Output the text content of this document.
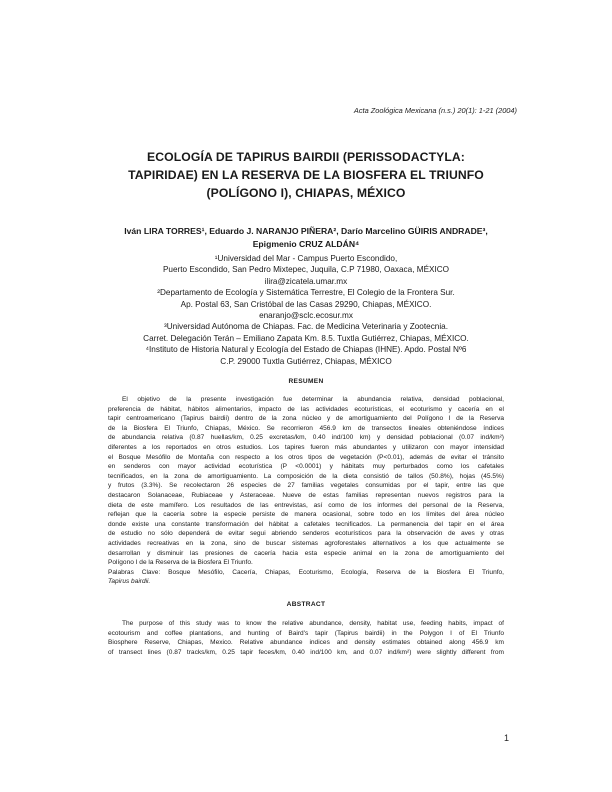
Acta Zoológica Mexicana (n.s.) 20(1): 1-21 (2004)
ECOLOGÍA DE TAPIRUS BAIRDII (PERISSODACTYLA:
TAPIRIDAE) EN LA RESERVA DE LA BIOSFERA EL TRIUNFO
(POLÍGONO I), CHIAPAS, MÉXICO
Iván LIRA TORRES¹, Eduardo J. NARANJO PIÑERA², Darío Marcelino GÜIRIS ANDRADE³,
Epigmenio CRUZ ALDÁN⁴
¹Universidad del Mar - Campus Puerto Escondido,
Puerto Escondido, San Pedro Mixtepec, Juquila, C.P 71980, Oaxaca, MÉXICO
ilira@zicatela.umar.mx
²Departamento de Ecología y Sistemática Terrestre, El Colegio de la Frontera Sur.
Ap. Postal 63, San Cristóbal de las Casas 29290, Chiapas, MÉXICO.
enaranjo@sclc.ecosur.mx
³Universidad Autónoma de Chiapas. Fac. de Medicina Veterinaria y Zootecnia.
Carret. Delegación Terán – Emiliano Zapata Km. 8.5. Tuxtla Gutiérrez, Chiapas, MÉXICO.
⁴Instituto de Historia Natural y Ecología del Estado de Chiapas (IHNE). Apdo. Postal Nº6
C.P. 29000 Tuxtla Gutiérrez, Chiapas, MÉXICO
RESUMEN
El objetivo de la presente investigación fue determinar la abundancia relativa, densidad poblacional,
preferencia de hábitat, hábitos alimentarios, impacto de las actividades ecoturísticas, el ecoturismo y cacería en el
tapir centroamericano (Tapirus bairdii) dentro de la zona núcleo y de amortiguamiento del Polígono I de la Reserva
de la Biosfera El Triunfo, Chiapas, México. Se recorrieron 456.9 km de transectos lineales obteniéndose índices
de abundancia relativa (0.87 huellas/km, 0.25 excretas/km, 0.40 ind/100 km) y densidad poblacional (0.07 ind/km²)
diferentes a los reportados en otros estudios. Los tapires fueron más abundantes y utilizaron con mayor intensidad
el Bosque Mesófilo de Montaña con respecto a los otros tipos de vegetación (P<0.01), además de evitar el tránsito
en senderos con mayor actividad ecoturística (P <0.0001) y hábitats muy perturbados como los cafetales
tecnificados, en la zona de amortiguamiento. La composición de la dieta consistió de tallos (50.8%), hojas (45.5%)
y frutos (3.3%). Se recolectaron 26 especies de 27 familias vegetales consumidas por el tapir, entre las que
destacaron Solanaceae, Rubiaceae y Asteraceae. Nueve de estas familias representan nuevos registros para la
dieta de este mamífero. Los resultados de las entrevistas, así como de los informes del personal de la Reserva,
reflejan que la cacería sobre la especie persiste de manera ocasional, sobre todo en los límites del área núcleo
donde existe una constante transformación del hábitat a cafetales tecnificados. La permanencia del tapir en el área
de estudio no sólo dependerá de evitar segui abriendo senderos ecoturísticos para la observación de aves y otras
actividades recreativas en la zona, sino de buscar sistemas agroforestales alternativos a los que actualmente se
desarrollan y disminuir las presiones de cacería hacia esta especie animal en la zona de amortiguamiento del
Polígono I de la Reserva de la Biosfera El Triunfo.
Palabras Clave: Bosque Mesófilo, Cacería, Chiapas, Ecoturismo, Ecología, Reserva de la Biosfera El Triunfo,
Tapirus bairdii.
ABSTRACT
The purpose of this study was to know the relative abundance, density, habitat use, feeding habits, impact of
ecotourism and coffee plantations, and hunting of Baird's tapir (Tapirus bairdii) in the Polygon I of El Triunfo
Biosphere Reserve, Chiapas, Mexico. Relative abundance indices and density estimates obtained along 456.9 km
of transect lines (0.87 tracks/km, 0.25 tapir feces/km, 0.40 ind/100 km, and 0.07 ind/km²) were slightly different from
1
